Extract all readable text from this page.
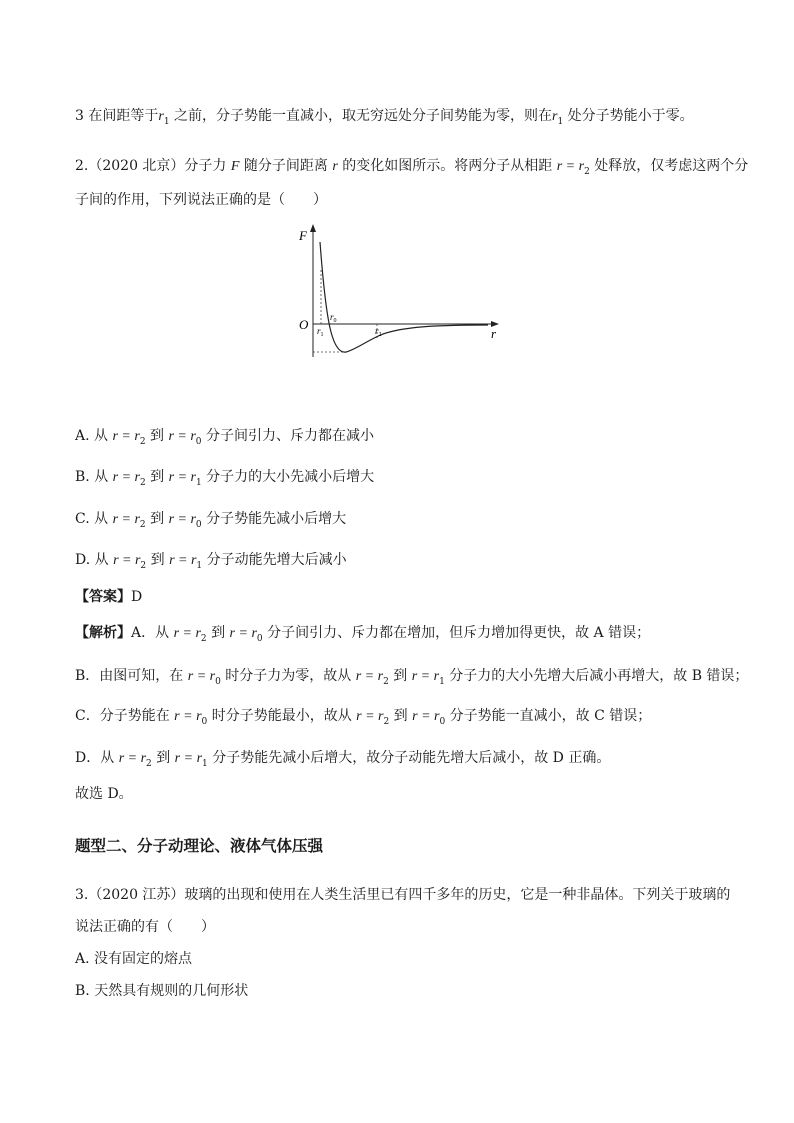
3 在间距等于$r_1$ 之前，分子势能一直减小，取无穷远处分子间势能为零，则在$r_1$ 处分子势能小于零。
2.（2020 北京）分子力 F 随分子间距离 r 的变化如图所示。将两分子从相距 $r = r_2$ 处释放，仅考虑这两个分
子间的作用，下列说法正确的是（　　）
F
r
O $r_0$
$r_1$	$r_2$
A. 从 $r = r_2$ 到 $r = r_0$ 分子间引力、斥力都在减小
B. 从 $r = r_2$ 到 $r = r_1$ 分子力的大小先减小后增大
C. 从 $r = r_2$ 到 $r = r_0$ 分子势能先减小后增大
D. 从 $r = r_2$ 到 $r = r_1$ 分子动能先增大后减小
【答案】D
【解析】A．从 $r = r_2$ 到 $r = r_0$ 分子间引力、斥力都在增加，但斥力增加得更快，故 A 错误；
B．由图可知，在 $r = r_0$ 时分子力为零，故从 $r = r_2$ 到 $r = r_1$ 分子力的大小先增大后减小再增大，故 B 错误；
C．分子势能在 $r = r_0$ 时分子势能最小，故从 $r = r_2$ 到 $r = r_0$ 分子势能一直减小，故 C 错误；
D．从 $r = r_2$ 到 $r = r_1$ 分子势能先减小后增大，故分子动能先增大后减小，故 D 正确。
故选 D。
题型二、分子动理论、液体气体压强
3.（2020 江苏）玻璃的出现和使用在人类生活里已有四千多年的历史，它是一种非晶体。下列关于玻璃的
说法正确的有（　　）
A. 没有固定的熔点
B. 天然具有规则的几何形状
